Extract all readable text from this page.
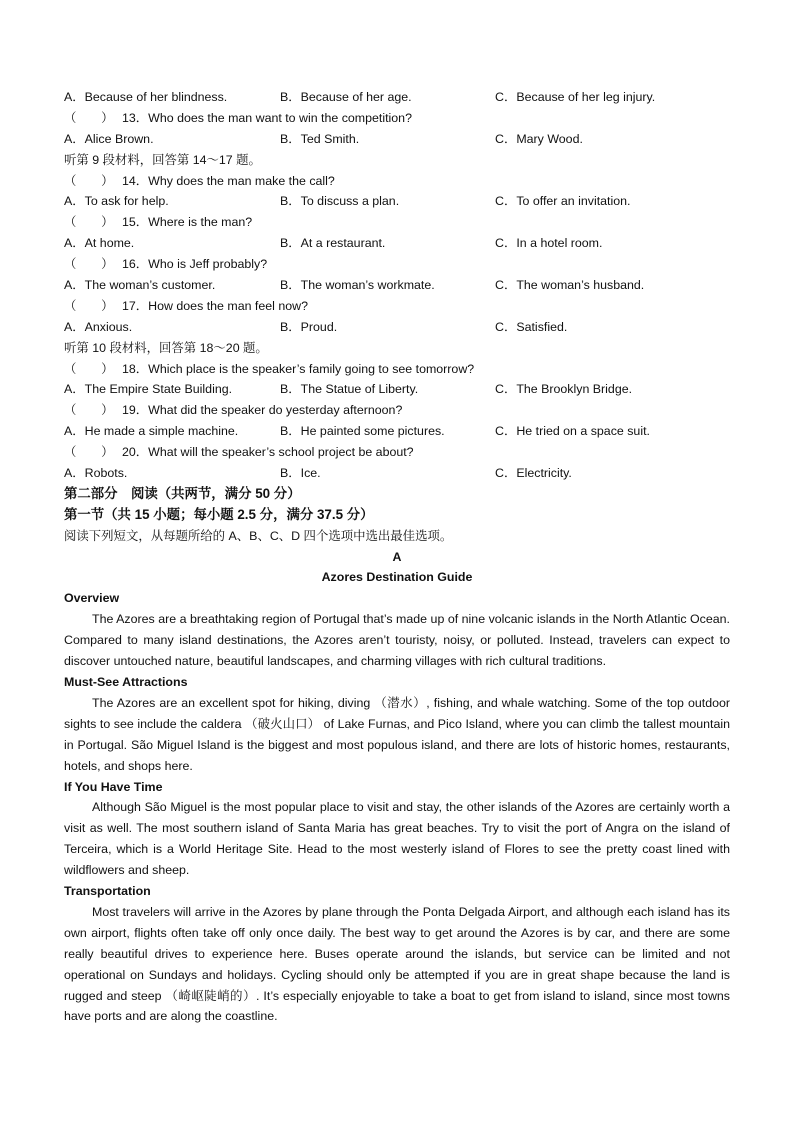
A．Because of her blindness.	B．Because of her age.	C．Because of her leg injury.
（　　） 13．Who does the man want to win the competition?
A．Alice Brown.	B．Ted Smith.	C．Mary Wood.
听第 9 段材料，回答第 14～17 题。
（　　） 14．Why does the man make the call?
A．To ask for help.	B．To discuss a plan.	C．To offer an invitation.
（　　） 15．Where is the man?
A．At home.	B．At a restaurant.	C．In a hotel room.
（　　） 16．Who is Jeff probably?
A．The woman’s customer.	B．The woman’s workmate.	C．The woman’s husband.
（　　） 17．How does the man feel now?
A．Anxious.	B．Proud.	C．Satisfied.
听第 10 段材料，回答第 18～20 题。
（　　） 18．Which place is the speaker’s family going to see tomorrow?
A．The Empire State Building.	B．The Statue of Liberty.	C．The Brooklyn Bridge.
（　　） 19．What did the speaker do yesterday afternoon?
A．He made a simple machine.	B．He painted some pictures.	C．He tried on a space suit.
（　　） 20．What will the speaker’s school project be about?
A．Robots.	B．Ice.	C．Electricity.
第二部分　阅读（共两节，满分 50 分）
第一节（共 15 小题；每小题 2.5 分，满分 37.5 分）
阅读下列短文，从每题所给的 A、B、C、D 四个选项中选出最佳选项。
A
Azores Destination Guide
Overview

The Azores are a breathtaking region of Portugal that’s made up of nine volcanic islands in the North Atlantic Ocean. Compared to many island destinations, the Azores aren’t touristy, noisy, or polluted. Instead, travelers can expect to discover untouched nature, beautiful landscapes, and charming villages with rich cultural traditions.

Must-See Attractions

The Azores are an excellent spot for hiking, diving （潜水）, fishing, and whale watching. Some of the top outdoor sights to see include the caldera （破火山口） of Lake Furnas, and Pico Island, where you can climb the tallest mountain in Portugal. São Miguel Island is the biggest and most populous island, and there are lots of historic homes, restaurants, hotels, and shops here.

If You Have Time

Although São Miguel is the most popular place to visit and stay, the other islands of the Azores are certainly worth a visit as well. The most southern island of Santa Maria has great beaches. Try to visit the port of Angra on the island of Terceira, which is a World Heritage Site. Head to the most westerly island of Flores to see the pretty coast lined with wildflowers and sheep.

Transportation

Most travelers will arrive in the Azores by plane through the Ponta Delgada Airport, and although each island has its own airport, flights often take off only once daily. The best way to get around the Azores is by car, and there are some really beautiful drives to experience here. Buses operate around the islands, but service can be limited and not operational on Sundays and holidays. Cycling should only be attempted if you are in great shape because the land is rugged and steep （崎岖陡峭的）. It’s especially enjoyable to take a boat to get from island to island, since most towns have ports and are along the coastline.
